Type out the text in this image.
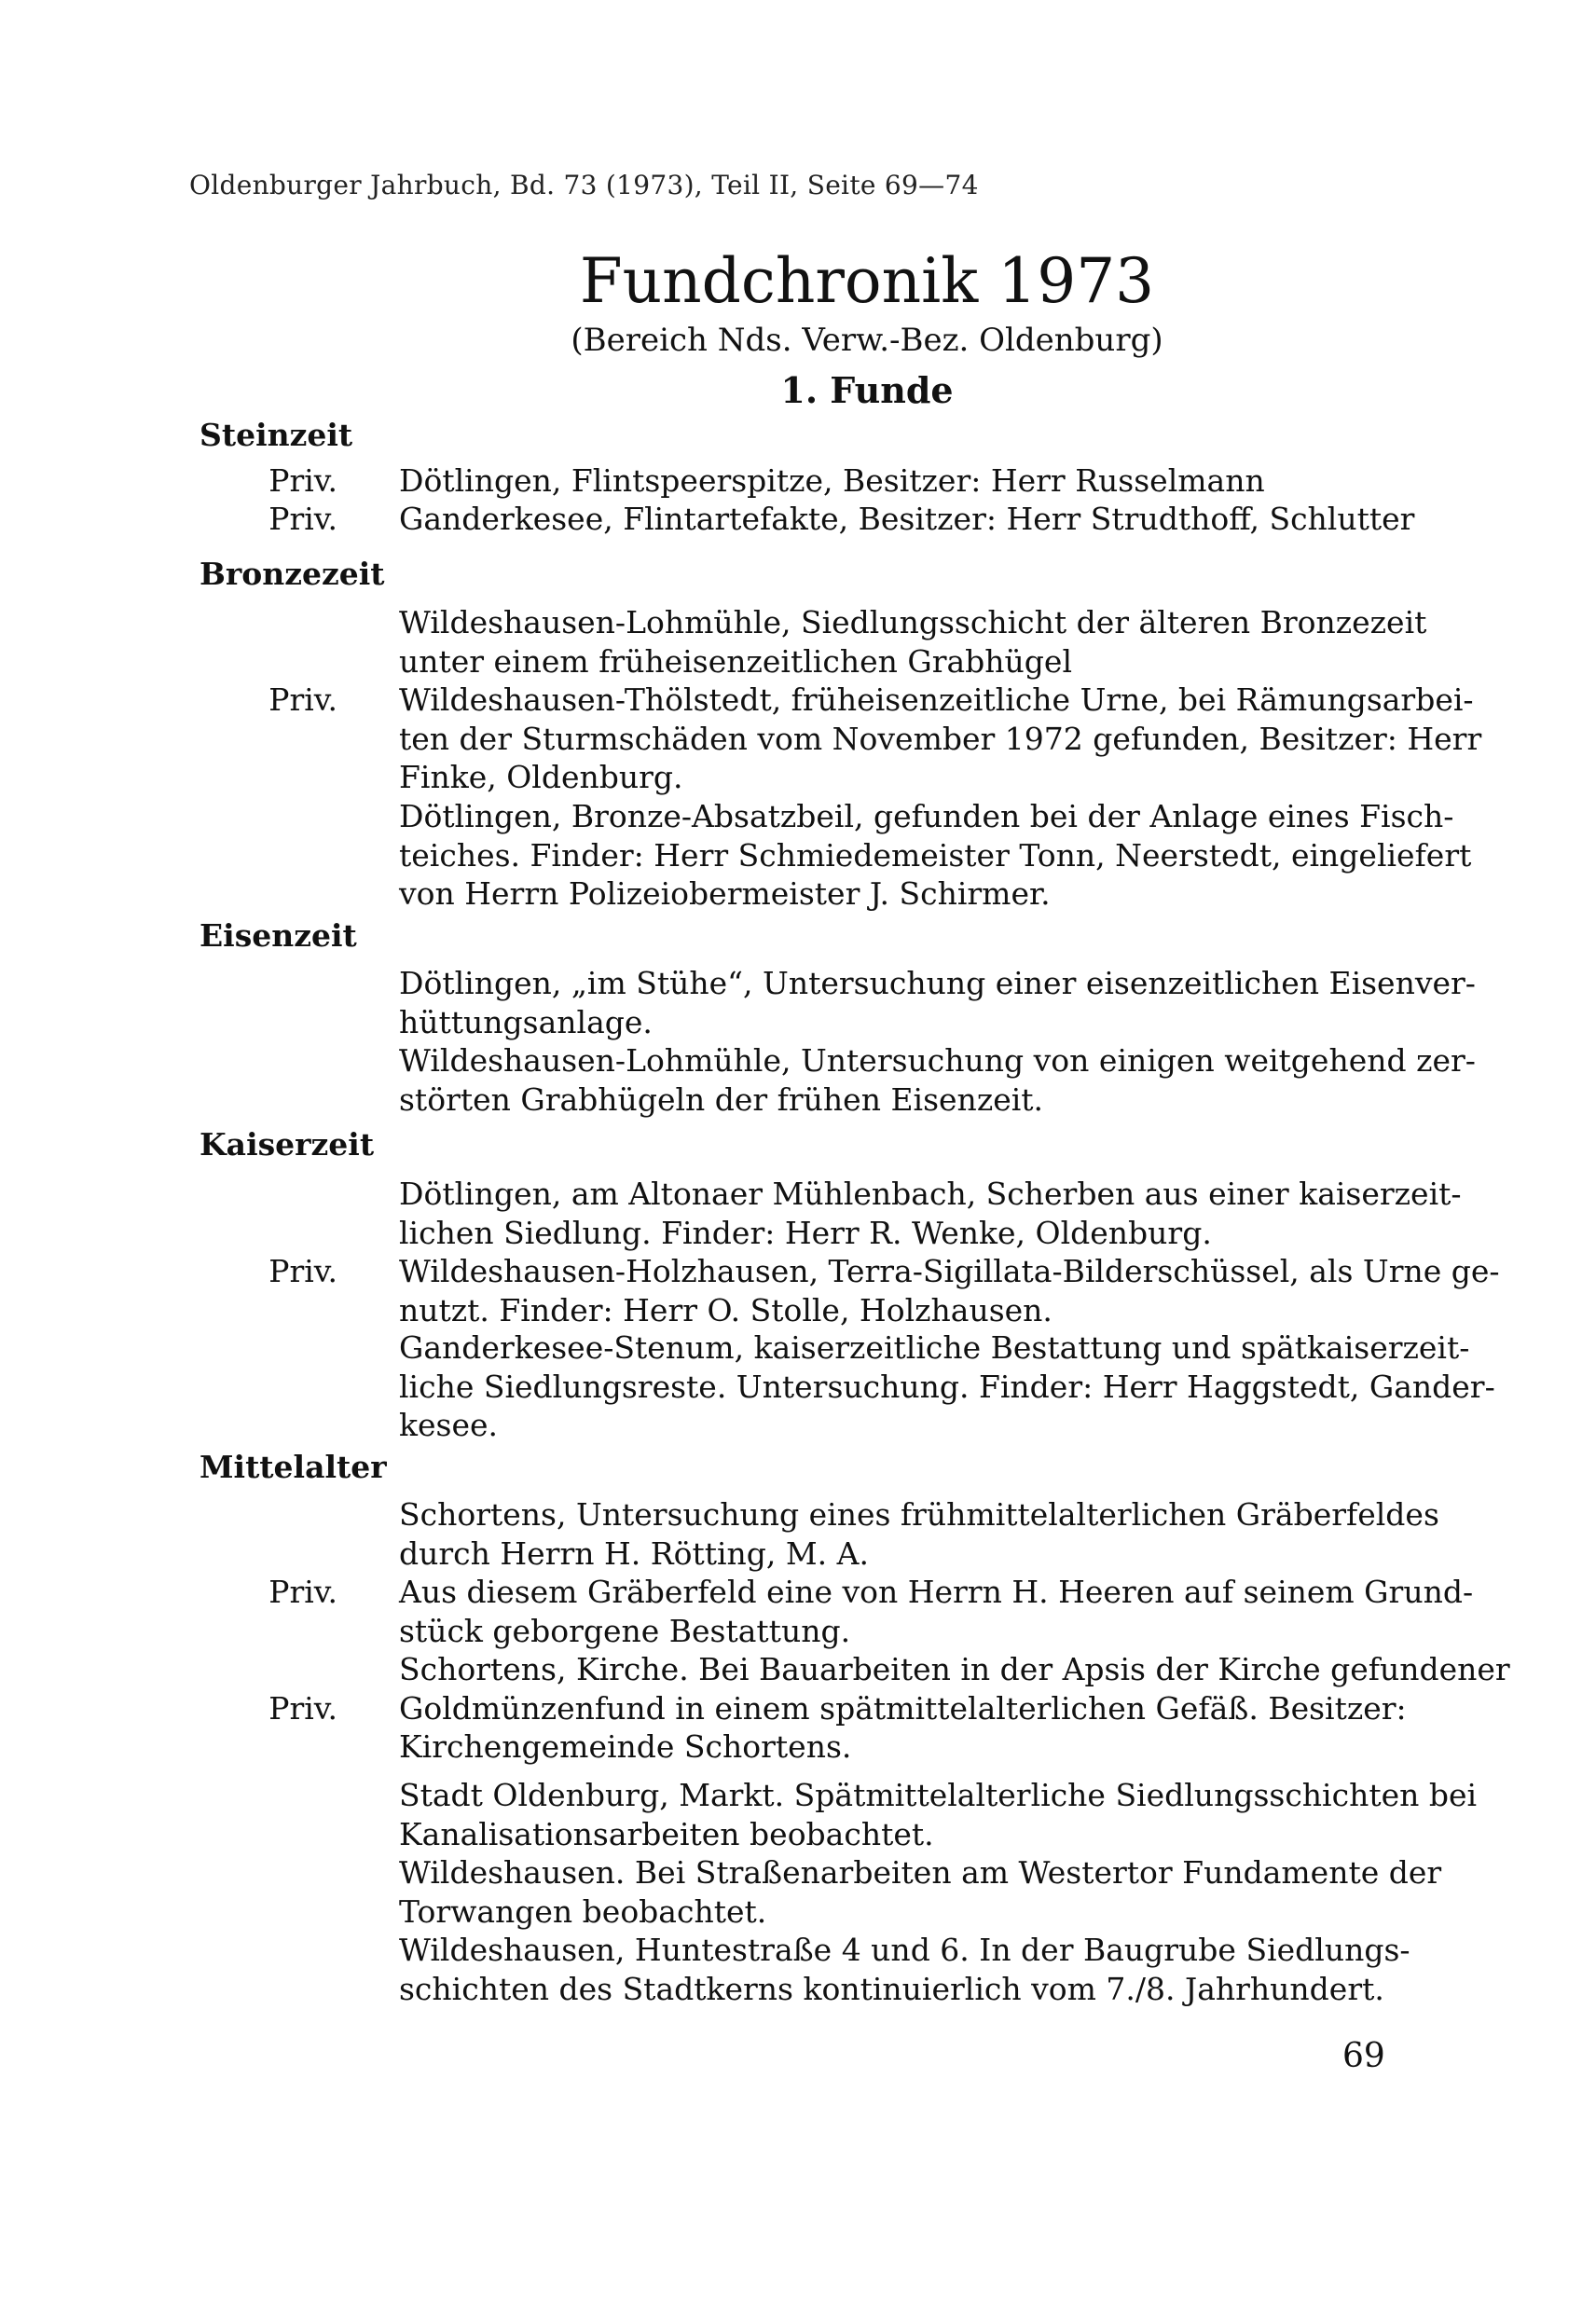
Oldenburger Jahrbuch, Bd. 73 (1973), Teil II, Seite 69—74
Fundchronik 1973
(Bereich Nds. Verw.-Bez. Oldenburg)
1. Funde
Steinzeit
Priv. Dötlingen, Flintspeerspitze, Besitzer: Herr Russelmann
Priv. Ganderkesee, Flintartefakte, Besitzer: Herr Strudthoff, Schlutter
Bronzezeit
Wildeshausen-Lohmühle, Siedlungsschicht der älteren Bronzezeit
unter einem früheisenzeitlichen Grabhügel
Priv. Wildeshausen-Thölstedt, früheisenzeitliche Urne, bei Rämungsarbei-
ten der Sturmschäden vom November 1972 gefunden, Besitzer: Herr
Finke, Oldenburg.
Dötlingen, Bronze-Absatzbeil, gefunden bei der Anlage eines Fisch-
teiches. Finder: Herr Schmiedemeister Tonn, Neerstedt, eingeliefert
von Herrn Polizeiobermeister J. Schirmer.
Eisenzeit
Dötlingen, „im Stühe“, Untersuchung einer eisenzeitlichen Eisenver-
hüttungsanlage.
Wildeshausen-Lohmühle, Untersuchung von einigen weitgehend zer-
störten Grabhügeln der frühen Eisenzeit.
Kaiserzeit
Dötlingen, am Altonaer Mühlenbach, Scherben aus einer kaiserzeit-
lichen Siedlung. Finder: Herr R. Wenke, Oldenburg.
Priv. Wildeshausen-Holzhausen, Terra-Sigillata-Bilderschüssel, als Urne ge-
nutzt. Finder: Herr O. Stolle, Holzhausen.
Ganderkesee-Stenum, kaiserzeitliche Bestattung und spätkaiserzeit-
liche Siedlungsreste. Untersuchung. Finder: Herr Haggstedt, Gander-
kesee.
Mittelalter
Schortens, Untersuchung eines frühmittelalterlichen Gräberfeldes
durch Herrn H. Rötting, M. A.
Priv. Aus diesem Gräberfeld eine von Herrn H. Heeren auf seinem Grund-
stück geborgene Bestattung.
Priv.
Schortens, Kirche. Bei Bauarbeiten in der Apsis der Kirche gefundener
Goldmünzenfund in einem spätmittelalterlichen Gefäß. Besitzer:
Kirchengemeinde Schortens.
Stadt Oldenburg, Markt. Spätmittelalterliche Siedlungsschichten bei
Kanalisationsarbeiten beobachtet.
Wildeshausen. Bei Straßenarbeiten am Westertor Fundamente der
Torwangen beobachtet.
Wildeshausen, Huntestraße 4 und 6. In der Baugrube Siedlungs-
schichten des Stadtkerns kontinuierlich vom 7./8. Jahrhundert.
69
